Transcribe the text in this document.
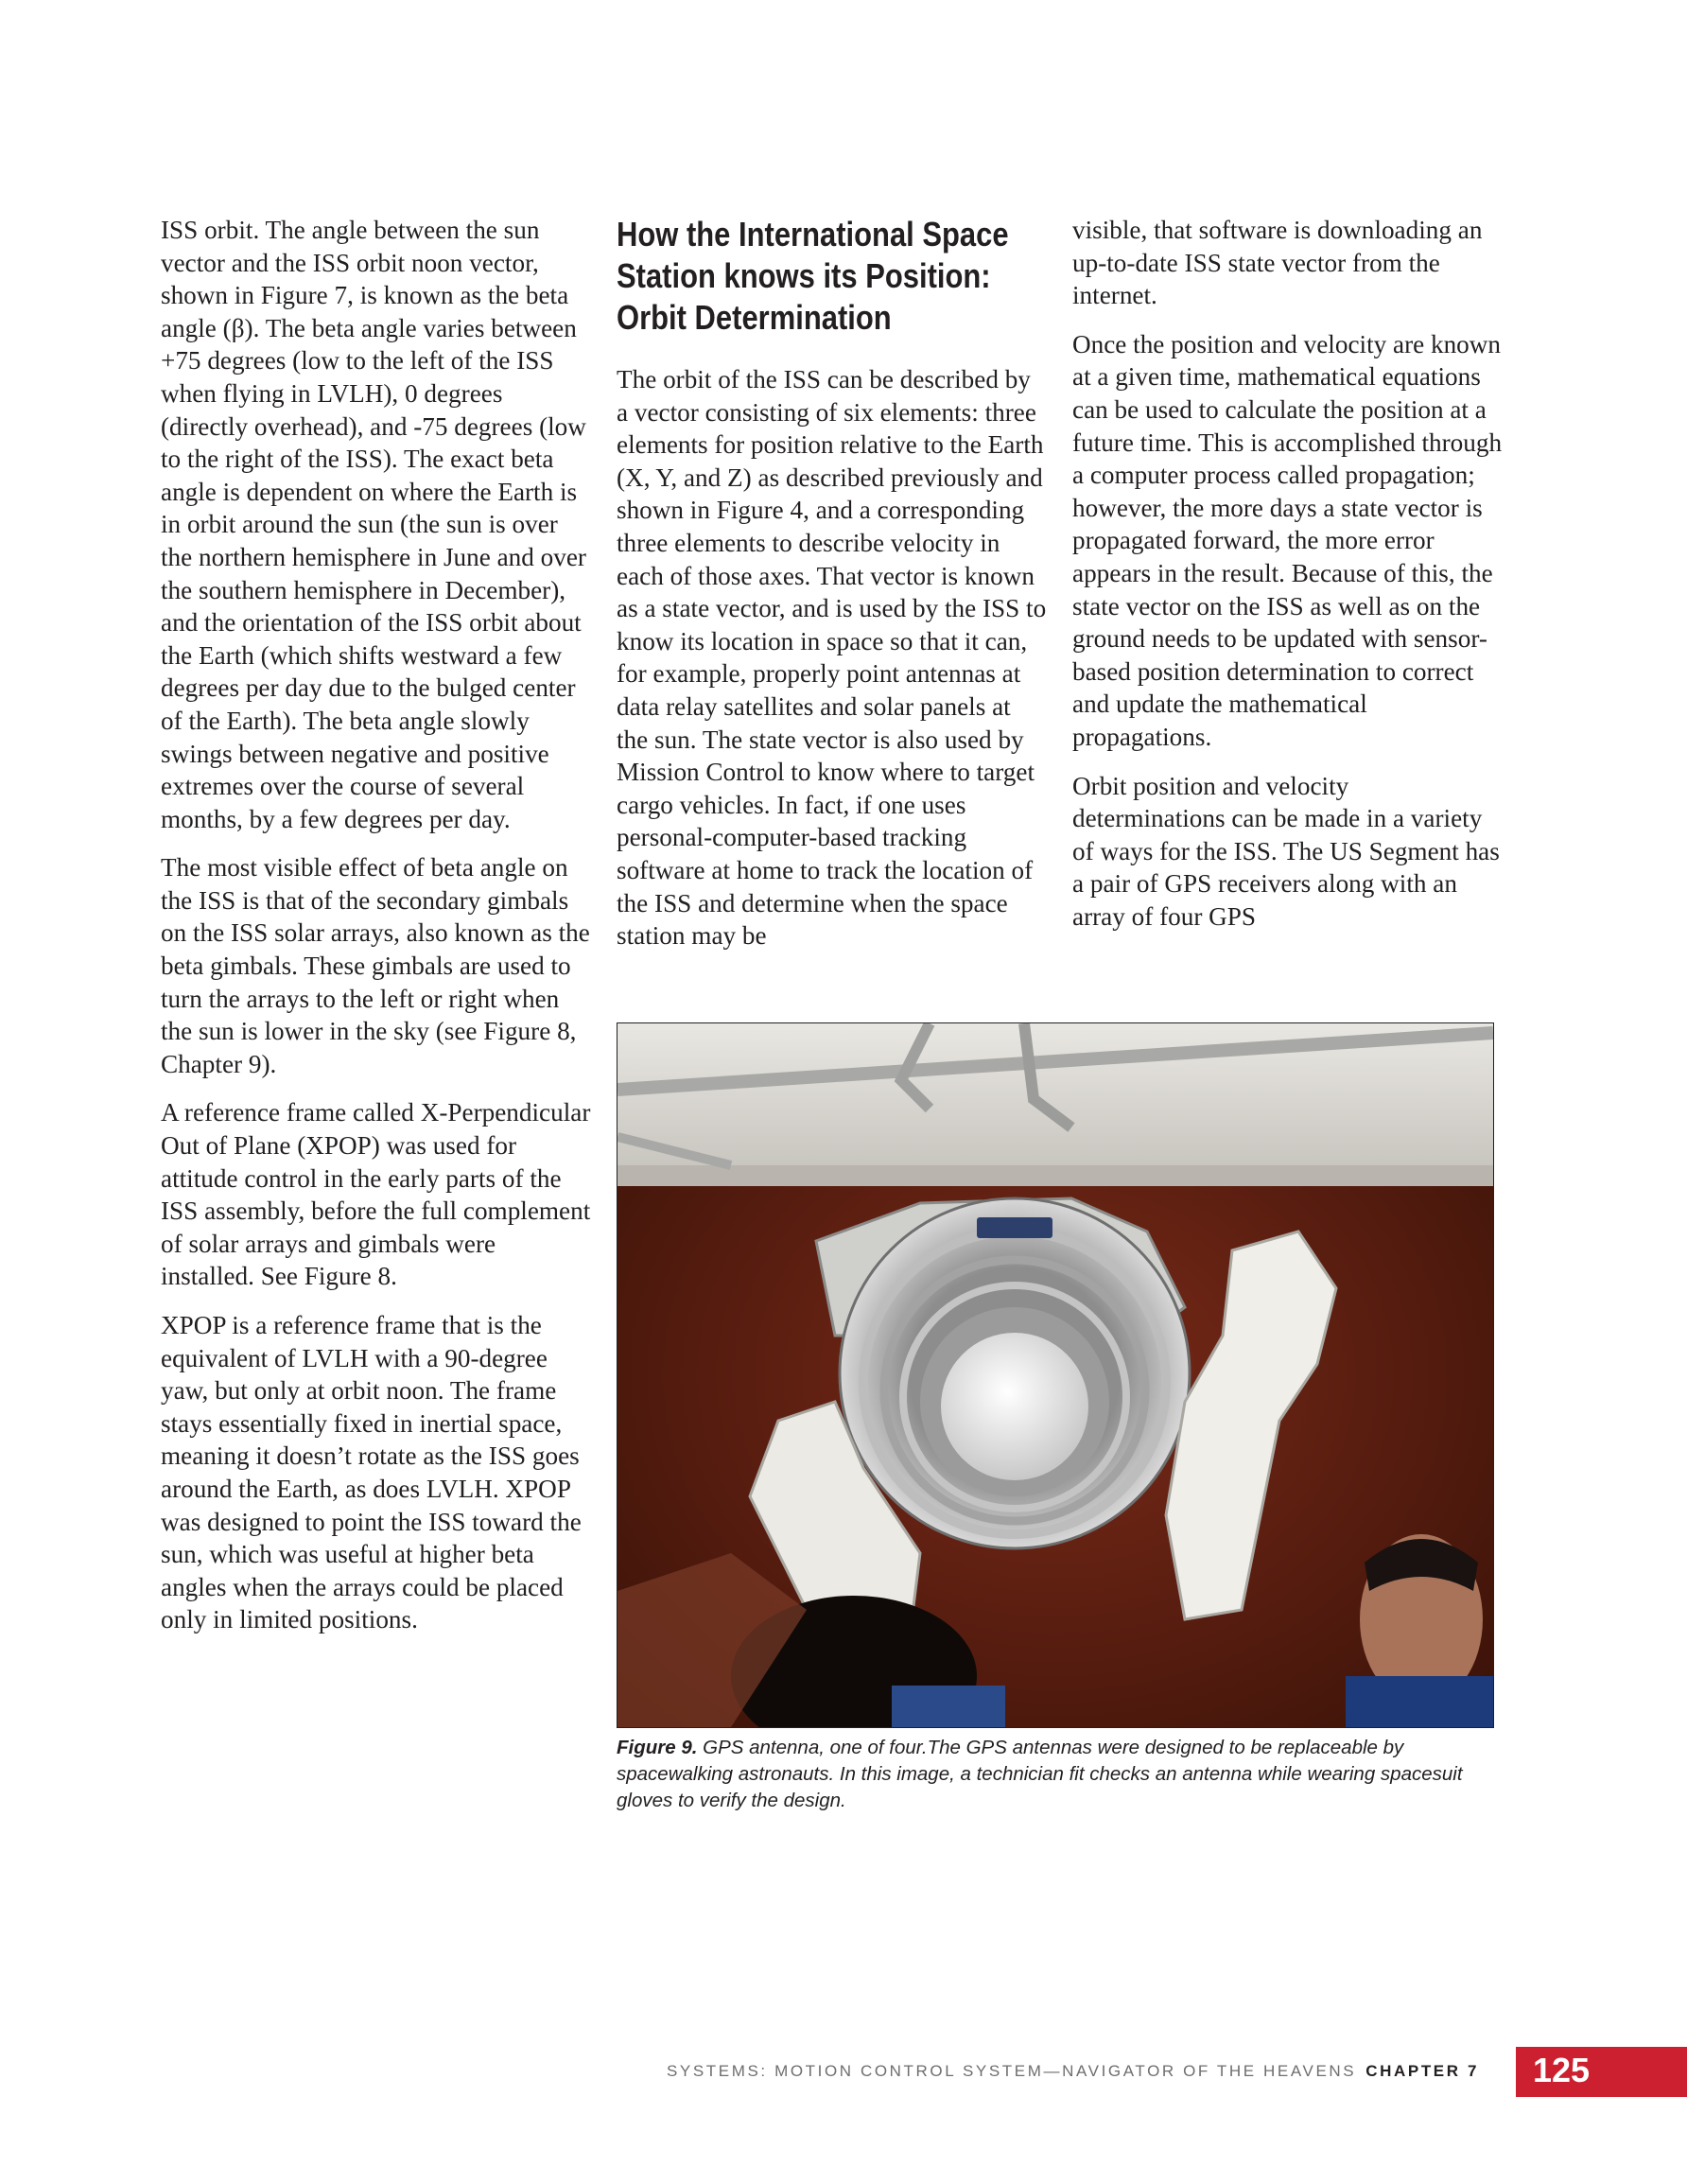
ISS orbit. The angle between the sun vector and the ISS orbit noon vector, shown in Figure 7, is known as the beta angle (β). The beta angle varies between +75 degrees (low to the left of the ISS when flying in LVLH), 0 degrees (directly overhead), and -75 degrees (low to the right of the ISS). The exact beta angle is dependent on where the Earth is in orbit around the sun (the sun is over the northern hemisphere in June and over the southern hemisphere in December), and the orientation of the ISS orbit about the Earth (which shifts westward a few degrees per day due to the bulged center of the Earth). The beta angle slowly swings between negative and positive extremes over the course of several months, by a few degrees per day.

The most visible effect of beta angle on the ISS is that of the secondary gimbals on the ISS solar arrays, also known as the beta gimbals. These gimbals are used to turn the arrays to the left or right when the sun is lower in the sky (see Figure 8, Chapter 9).

A reference frame called X-Perpendicular Out of Plane (XPOP) was used for attitude control in the early parts of the ISS assembly, before the full complement of solar arrays and gimbals were installed. See Figure 8.

XPOP is a reference frame that is the equivalent of LVLH with a 90-degree yaw, but only at orbit noon. The frame stays essentially fixed in inertial space, meaning it doesn’t rotate as the ISS goes around the Earth, as does LVLH. XPOP was designed to point the ISS toward the sun, which was useful at higher beta angles when the arrays could be placed only in limited positions.

How the International Space Station knows its Position: Orbit Determination

The orbit of the ISS can be described by a vector consisting of six elements: three elements for position relative to the Earth (X, Y, and Z) as described previously and shown in Figure 4, and a corresponding three elements to describe velocity in each of those axes. That vector is known as a state vector, and is used by the ISS to know its location in space so that it can, for example, properly point antennas at data relay satellites and solar panels at the sun. The state vector is also used by Mission Control to know where to target cargo vehicles. In fact, if one uses personal-computer-based tracking software at home to track the location of the ISS and determine when the space station may be

visible, that software is downloading an up-to-date ISS state vector from the internet.

Once the position and velocity are known at a given time, mathematical equations can be used to calculate the position at a future time. This is accomplished through a computer process called propagation; however, the more days a state vector is propagated forward, the more error appears in the result. Because of this, the state vector on the ISS as well as on the ground needs to be updated with sensor-based position determination to correct and update the mathematical propagations.

Orbit position and velocity determinations can be made in a variety of ways for the ISS. The US Segment has a pair of GPS receivers along with an array of four GPS

Figure 9. GPS antenna, one of four.The GPS antennas were designed to be replaceable by spacewalking astronauts. In this image, a technician fit checks an antenna while wearing spacesuit gloves to verify the design.
SYSTEMS: MOTION CONTROL SYSTEM—NAVIGATOR OF THE HEAVENS CHAPTER 7 125
